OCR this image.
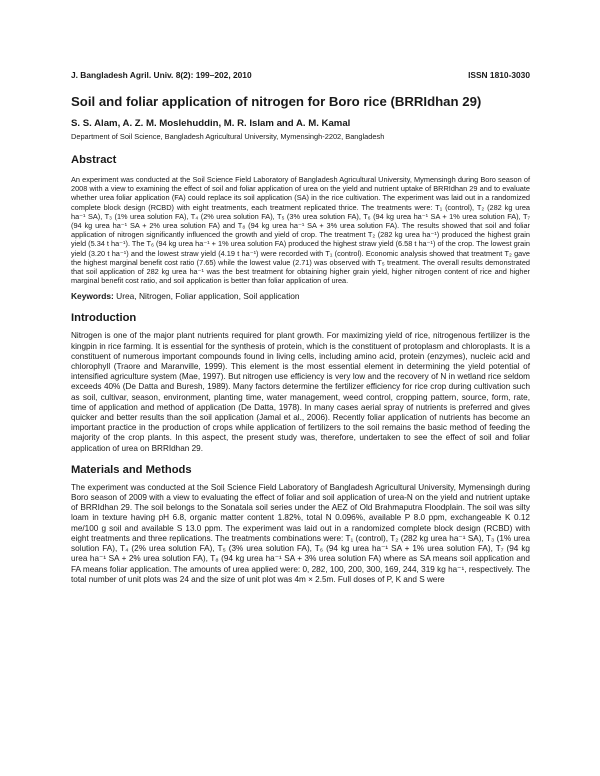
J. Bangladesh Agril. Univ. 8(2): 199–202, 2010	ISSN 1810-3030
Soil and foliar application of nitrogen for Boro rice (BRRIdhan 29)
S. S. Alam, A. Z. M. Moslehuddin, M. R. Islam and A. M. Kamal
Department of Soil Science, Bangladesh Agricultural University, Mymensingh-2202, Bangladesh
Abstract
An experiment was conducted at the Soil Science Field Laboratory of Bangladesh Agricultural University, Mymensingh during Boro season of 2008 with a view to examining the effect of soil and foliar application of urea on the yield and nutrient uptake of BRRIdhan 29 and to evaluate whether urea foliar application (FA) could replace its soil application (SA) in the rice cultivation. The experiment was laid out in a randomized complete block design (RCBD) with eight treatments, each treatment replicated thrice. The treatments were: T₁ (control), T₂ (282 kg urea ha⁻¹ SA), T₃ (1% urea solution FA), T₄ (2% urea solution FA), T₅ (3% urea solution FA), T₆ (94 kg urea ha⁻¹ SA + 1% urea solution FA), T₇ (94 kg urea ha⁻¹ SA + 2% urea solution FA) and T₈ (94 kg urea ha⁻¹ SA + 3% urea solution FA). The results showed that soil and foliar application of nitrogen significantly influenced the growth and yield of crop. The treatment T₂ (282 kg urea ha⁻¹) produced the highest grain yield (5.34 t ha⁻¹). The T₆ (94 kg urea ha⁻¹ + 1% urea solution FA) produced the highest straw yield (6.58 t ha⁻¹) of the crop. The lowest grain yield (3.20 t ha⁻¹) and the lowest straw yield (4.19 t ha⁻¹) were recorded with T₁ (control). Economic analysis showed that treatment T₂ gave the highest marginal benefit cost ratio (7.65) while the lowest value (2.71) was observed with T₅ treatment. The overall results demonstrated that soil application of 282 kg urea ha⁻¹ was the best treatment for obtaining higher grain yield, higher nitrogen content of rice and higher marginal benefit cost ratio, and soil application is better than foliar application of urea.
Keywords: Urea, Nitrogen, Foliar application, Soil application
Introduction
Nitrogen is one of the major plant nutrients required for plant growth. For maximizing yield of rice, nitrogenous fertilizer is the kingpin in rice farming. It is essential for the synthesis of protein, which is the constituent of protoplasm and chloroplasts. It is a constituent of numerous important compounds found in living cells, including amino acid, protein (enzymes), nucleic acid and chlorophyll (Traore and Maranville, 1999). This element is the most essential element in determining the yield potential of intensified agriculture system (Mae, 1997). But nitrogen use efficiency is very low and the recovery of N in wetland rice seldom exceeds 40% (De Datta and Buresh, 1989). Many factors determine the fertilizer efficiency for rice crop during cultivation such as soil, cultivar, season, environment, planting time, water management, weed control, cropping pattern, source, form, rate, time of application and method of application (De Datta, 1978). In many cases aerial spray of nutrients is preferred and gives quicker and better results than the soil application (Jamal et al., 2006). Recently foliar application of nutrients has become an important practice in the production of crops while application of fertilizers to the soil remains the basic method of feeding the majority of the crop plants. In this aspect, the present study was, therefore, undertaken to see the effect of soil and foliar application of urea on BRRIdhan 29.
Materials and Methods
The experiment was conducted at the Soil Science Field Laboratory of Bangladesh Agricultural University, Mymensingh during Boro season of 2009 with a view to evaluating the effect of foliar and soil application of urea-N on the yield and nutrient uptake of BRRIdhan 29. The soil belongs to the Sonatala soil series under the AEZ of Old Brahmaputra Floodplain. The soil was silty loam in texture having pH 6.8, organic matter content 1.82%, total N 0.096%, available P 8.0 ppm, exchangeable K 0.12 me/100 g soil and available S 13.0 ppm. The experiment was laid out in a randomized complete block design (RCBD) with eight treatments and three replications. The treatments combinations were: T₁ (control), T₂ (282 kg urea ha⁻¹ SA), T₃ (1% urea solution FA), T₄ (2% urea solution FA), T₅ (3% urea solution FA), T₆ (94 kg urea ha⁻¹ SA + 1% urea solution FA), T₇ (94 kg urea ha⁻¹ SA + 2% urea solution FA), T₈ (94 kg urea ha⁻¹ SA + 3% urea solution FA) where as SA means soil application and FA means foliar application. The amounts of urea applied were: 0, 282, 100, 200, 300, 169, 244, 319 kg ha⁻¹, respectively. The total number of unit plots was 24 and the size of unit plot was 4m × 2.5m. Full doses of P, K and S were
